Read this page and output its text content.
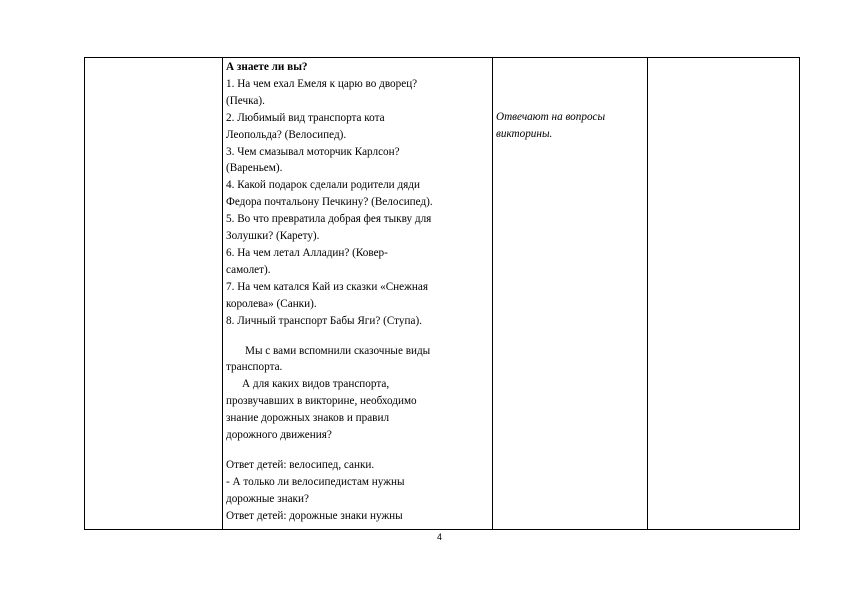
А знаете ли вы?
1. На чем ехал Емеля к царю во дворец?
(Печка).
2. Любимый вид транспорта кота
Леопольда? (Велосипед).
3. Чем смазывал моторчик Карлсон?
(Вареньем).
4. Какой подарок сделали родители дяди
Федора почтальону Печкину? (Велосипед).
5. Во что превратила добрая фея тыкву для
Золушки? (Карету).
6. На чем летал Алладин? (Ковер-
самолет).
7. На чем катался Кай из сказки «Снежная
королева» (Санки).
8. Личный транспорт Бабы Яги? (Ступа).
Мы с вами вспомнили сказочные виды
транспорта.
А для каких видов транспорта,
прозвучавших в викторине, необходимо
знание дорожных знаков и правил
дорожного движения?
Ответ детей: велосипед, санки.
- А только ли велосипедистам нужны
дорожные знаки?
Ответ детей: дорожные знаки нужны
Отвечают на вопросы
викторины.
4
